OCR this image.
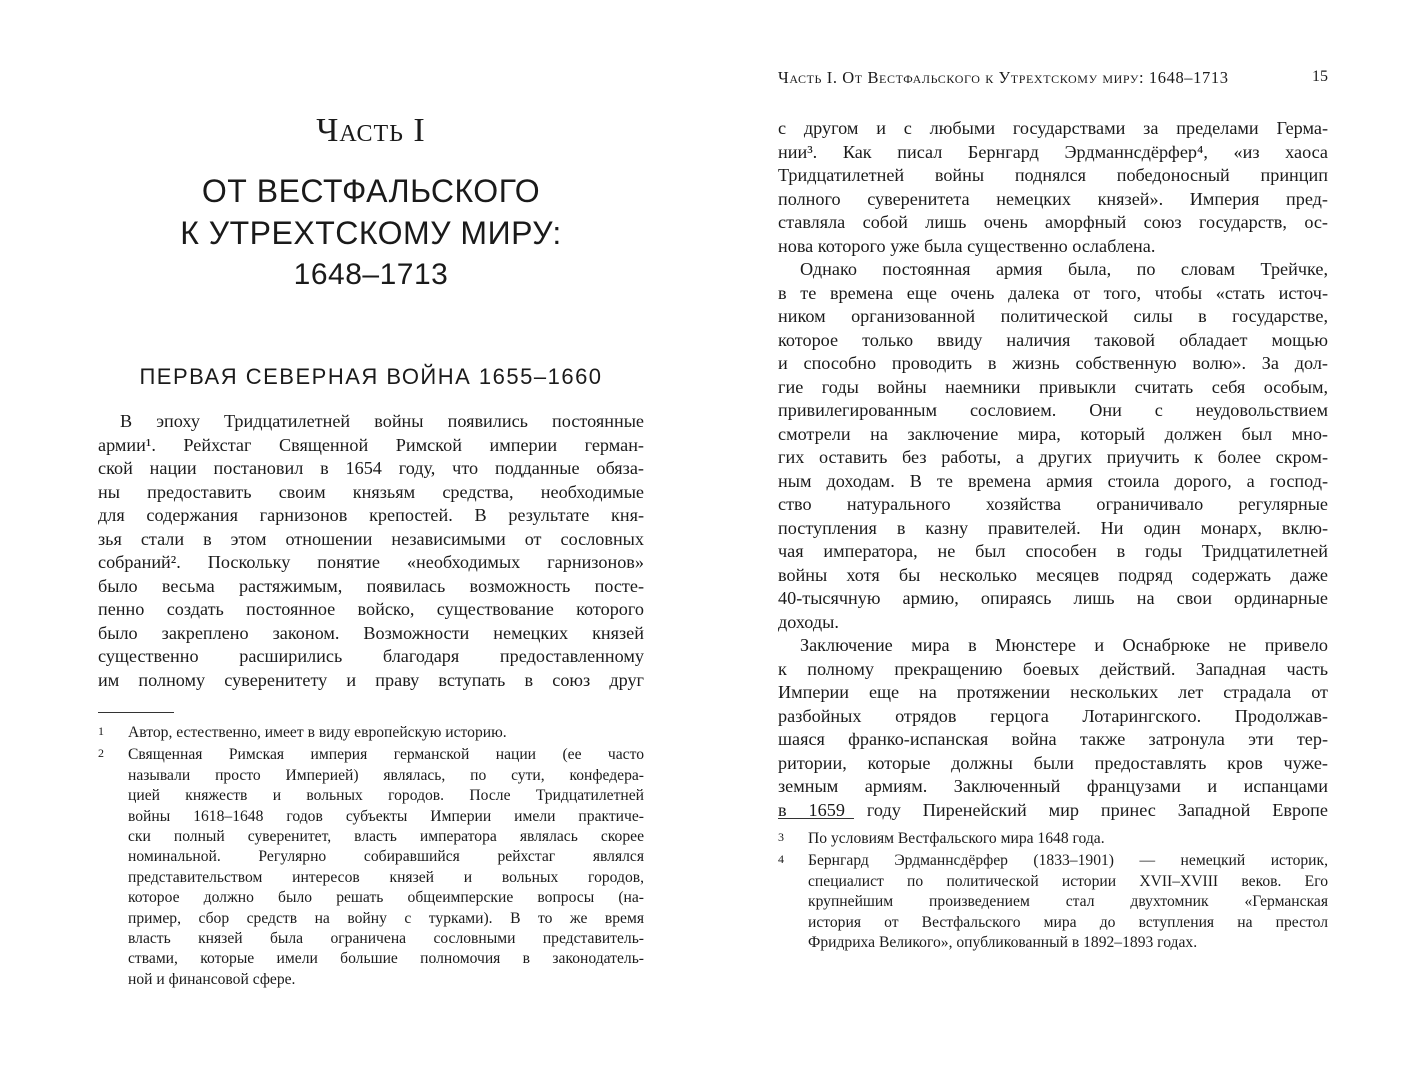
Часть I
ОТ ВЕСТФАЛЬСКОГО
К УТРЕХТСКОМУ МИРУ:
1648–1713
ПЕРВАЯ СЕВЕРНАЯ ВОЙНА 1655–1660
В эпоху Тридцатилетней войны появились постоянные
армии¹. Рейхстаг Священной Римской империи герман-
ской нации постановил в 1654 году, что подданные обяза-
ны предоставить своим князьям средства, необходимые
для содержания гарнизонов крепостей. В результате кня-
зья стали в этом отношении независимыми от сословных
собраний². Поскольку понятие «необходимых гарнизонов»
было весьма растяжимым, появилась возможность посте-
пенно создать постоянное войско, существование которого
было закреплено законом. Возможности немецких князей
существенно расширились благодаря предоставленному
им полному суверенитету и праву вступать в союз друг
1 Автор, естественно, имеет в виду европейскую историю.
2 Священная Римская империя германской нации (ее часто
называли просто Империей) являлась, по сути, конфедера-
цией княжеств и вольных городов. После Тридцатилетней
войны 1618–1648 годов субъекты Империи имели практиче-
ски полный суверенитет, власть императора являлась скорее
номинальной. Регулярно собиравшийся рейхстаг являлся
представительством интересов князей и вольных городов,
которое должно было решать общеимперские вопросы (на-
пример, сбор средств на войну с турками). В то же время
власть князей была ограничена сословными представитель-
ствами, которые имели большие полномочия в законодатель-
ной и финансовой сфере.
Часть I. От Вестфальского к Утрехтскому миру: 1648–1713	15
с другом и с любыми государствами за пределами Герма-
нии³. Как писал Бернгард Эрдманнсдёрфер⁴, «из хаоса
Тридцатилетней войны поднялся победоносный принцип
полного суверенитета немецких князей». Империя пред-
ставляла собой лишь очень аморфный союз государств, ос-
нова которого уже была существенно ослаблена.
Однако постоянная армия была, по словам Трейчке,
в те времена еще очень далека от того, чтобы «стать источ-
ником организованной политической силы в государстве,
которое только ввиду наличия таковой обладает мощью
и способно проводить в жизнь собственную волю». За дол-
гие годы войны наемники привыкли считать себя особым,
привилегированным сословием. Они с неудовольствием
смотрели на заключение мира, который должен был мно-
гих оставить без работы, а других приучить к более скром-
ным доходам. В те времена армия стоила дорого, а господ-
ство натурального хозяйства ограничивало регулярные
поступления в казну правителей. Ни один монарх, вклю-
чая императора, не был способен в годы Тридцатилетней
войны хотя бы несколько месяцев подряд содержать даже
40-тысячную армию, опираясь лишь на свои ординарные
доходы.
Заключение мира в Мюнстере и Оснабрюке не привело
к полному прекращению боевых действий. Западная часть
Империи еще на протяжении нескольких лет страдала от
разбойных отрядов герцога Лотарингского. Продолжав-
шаяся франко-испанская война также затронула эти тер-
ритории, которые должны были предоставлять кров чуже-
земным армиям. Заключенный французами и испанцами
в 1659 году Пиренейский мир принес Западной Европе
3 По условиям Вестфальского мира 1648 года.
4 Бернгард Эрдманнсдёрфер (1833–1901) — немецкий историк,
специалист по политической истории XVII–XVIII веков. Его
крупнейшим произведением стал двухтомник «Германская
история от Вестфальского мира до вступления на престол
Фридриха Великого», опубликованный в 1892–1893 годах.
